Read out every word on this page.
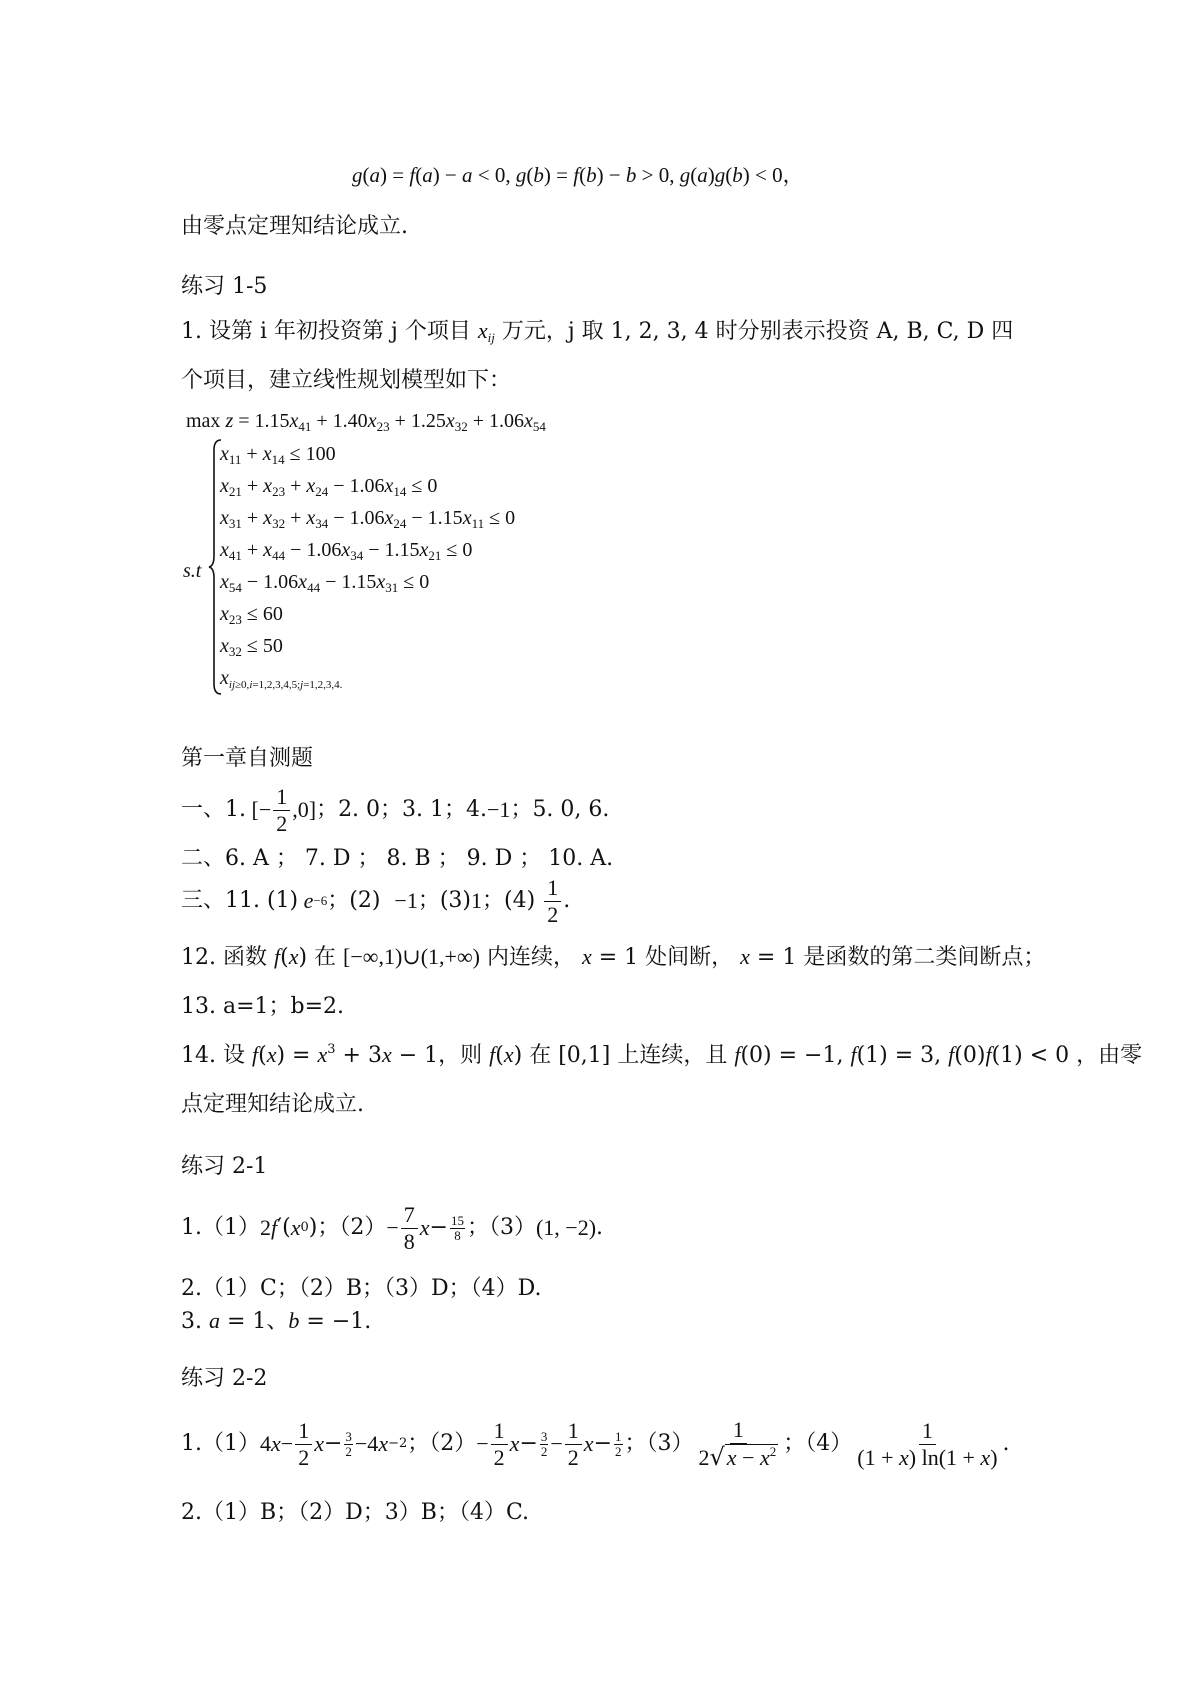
g(a) = f(a) − a < 0, g(b) = f(b) − b > 0, g(a)g(b) < 0，
由零点定理知结论成立.
练习 1-5
1. 设第 i 年初投资第 j 个项目 $x_{ij}$ 万元，j 取 1, 2, 3, 4 时分别表示投资 A, B, C, D 四
个项目，建立线性规划模型如下：
$\max z = 1.15x_{41} + 1.40x_{23} + 1.25x_{32} + 1.06x_{54}$
s.t
$x_{11} + x_{14} \le 100$
$x_{21} + x_{23} + x_{24} - 1.06x_{14} \le 0$
$x_{31} + x_{32} + x_{34} - 1.06x_{24} - 1.15x_{11} \le 0$
$x_{41} + x_{44} - 1.06x_{34} - 1.15x_{21} \le 0$
$x_{54} - 1.06x_{44} - 1.15x_{31} \le 0$
$x_{23} \le 60$
$x_{32} \le 50$
$x_{ij\ge 0,i=1,2,3,4,5;j=1,2,3,4.}$
第一章自测题
一、1. [− $\frac{1}{2} ,0$] ；2. 0；3. 1；4. −1 ；5. 0, 6.
二、6. A ； 7. D ； 8. B ； 9. D ； 10. A.
三、11. (1) e −6 ；(2) −1 ；(3) 1 ；$(4) \frac{1}{2}$ .
12. 函数 f(x) 在 [−∞,1)∪(1,+∞) 内连续， x = 1 处间断， x = 1 是函数的第二类间断点；
13. a=1；b=2.
14. 设 $f(x) = x^3 + 3x - 1$，则 f(x) 在 [0,1] 上连续，且 f(0) = −1, f(1) = 3, f(0)f(1) < 0 ，由零
点定理知结论成立.
练习 2-1
1.（1） 2 f ′( x 0 )；$(2) - \frac{7}{8}$ $x - \frac{15}{8}$ ；（3） (1, −2) .
2.（1）C；（2）B；（3）D；（4）D.
3. a = 1、b = −1.
练习 2-2
1.（1） 4 $x - \frac{1}{2}$ $x - \frac{3}{2} -4$ x −2 ；$(2) - \frac{1}{2}$ $x - \frac{3}{2} - \frac{1}{2}$ $x - \frac{1}{2}$ ；$(3) \frac{1}{2√x - x^2}$ ；$(4) \frac{1}{(1 + x) \ln(1 + x)}$ .
2.（1）B；（2）D；3）B；（4）C.
